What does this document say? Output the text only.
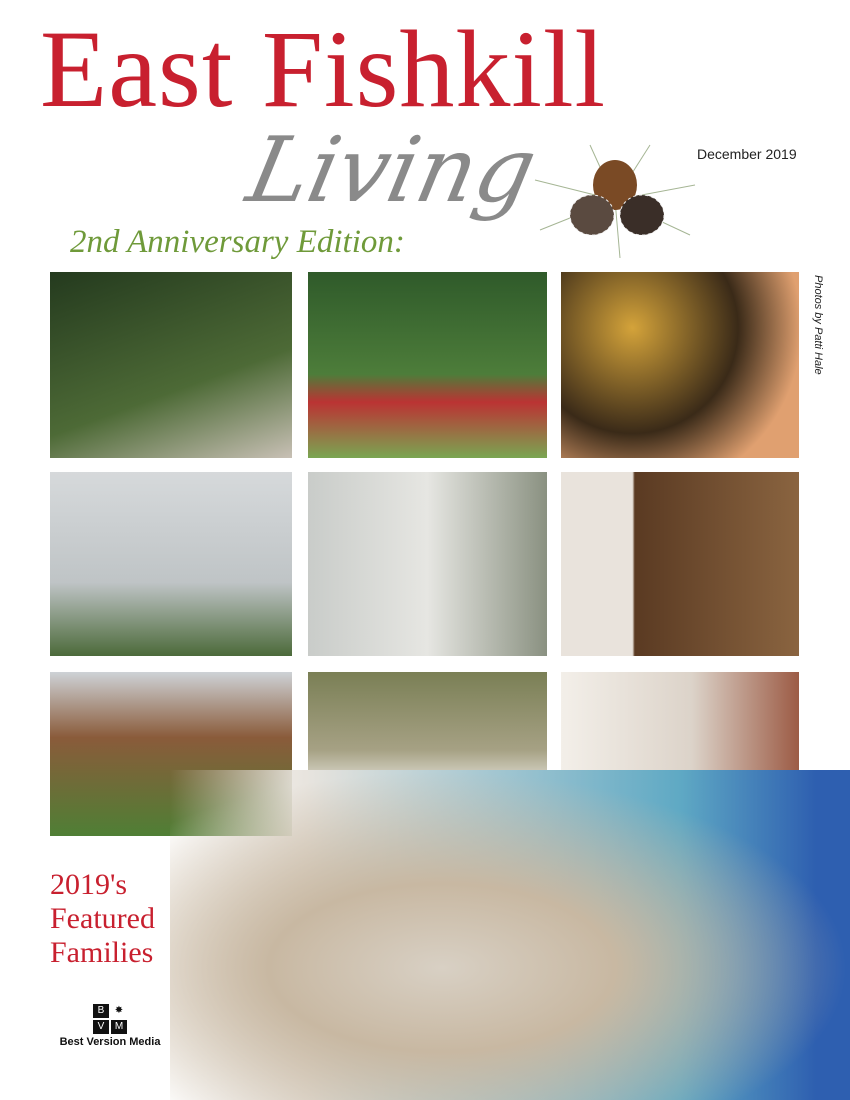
East Fishkill
Living	December 2019
2nd Anniversary Edition:
Photos by Patti Hale
2019's
Featured
Families
B	✸
V	M
Best Version Media
